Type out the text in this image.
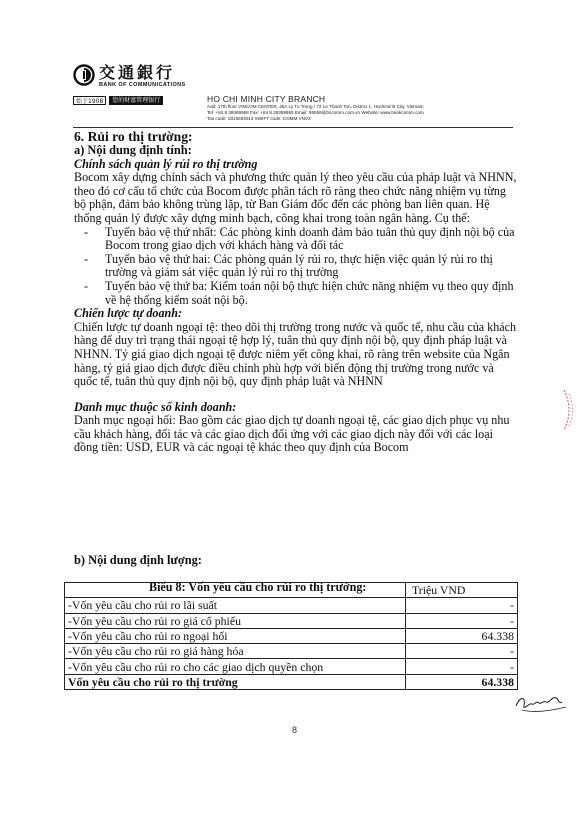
交通銀行
BANK OF COMMUNICATIONS
始于1908	您的财富管理银行	HO CHI MINH CITY BRANCH
Add: 17th floor VINCOM CENTER, 45A Ly Tu Trong / 72 Le Thanh Ton, District 1, Hochiminh City, Vietnam
Tel: +84 8 39369988 Fax: +84 8 39369955 Email: 95559@bocomm.com.vn Website: www.bankcomm.com
Tax code: 0310504014 SWIFT code: COMM VNVX

6. Rủi ro thị trường:

a) Nội dung định tính:

Chính sách quản lý rủi ro thị trường

Bocom xây dựng chính sách và phương thức quản lý theo yêu cầu của pháp luật và NHNN, theo đó cơ cấu tổ chức của Bocom được phân tách rõ ràng theo chức năng nhiệm vụ từng bộ phận, đảm bảo không trùng lặp, từ Ban Giám đốc đến các phòng ban liên quan. Hệ thống quản lý được xây dựng minh bạch, công khai trong toàn ngân hàng. Cụ thể:

- Tuyến bảo vệ thứ nhất: Các phòng kinh doanh đảm bảo tuân thủ quy định nội bộ của Bocom trong giao dịch với khách hàng và đối tác
- Tuyến bảo vệ thứ hai: Các phòng quản lý rủi ro, thực hiện việc quản lý rủi ro thị trường và giám sát việc quản lý rủi ro thị trường
- Tuyến bảo vệ thứ ba: Kiểm toán nội bộ thực hiện chức năng nhiệm vụ theo quy định về hệ thống kiểm soát nội bộ.

Chiến lược tự doanh:

Chiến lược tự doanh ngoại tệ: theo dõi thị trường trong nước và quốc tế, nhu cầu của khách hàng để duy trì trạng thái ngoại tệ hợp lý, tuân thủ quy định nội bộ, quy định pháp luật và NHNN. Tỷ giá giao dịch ngoại tệ được niêm yết công khai, rõ ràng trên website của Ngân hàng, tỷ giá giao dịch được điều chỉnh phù hợp với biến động thị trường trong nước và quốc tế, tuân thủ quy định nội bộ, quy định pháp luật và NHNN

Danh mục thuộc sổ kinh doanh:

Danh mục ngoại hối: Bao gồm các giao dịch tự doanh ngoại tệ, các giao dịch phục vụ nhu cầu khách hàng, đối tác và các giao dịch đối ứng với các giao dịch này đối với các loại đồng tiền: USD, EUR và các ngoại tệ khác theo quy định của Bocom

b) Nội dung định lượng:

Biểu 8: Vốn yêu cầu cho rủi ro thị trường:

		Triệu VND
-Vốn yêu cầu cho rủi ro lãi suất	-
-Vốn yêu cầu cho rủi ro giá cổ phiếu	-
-Vốn yêu cầu cho rủi ro ngoại hối	64.338
-Vốn yêu cầu cho rủi ro giá hàng hóa	-
-Vốn yêu cầu cho rủi ro cho các giao dịch quyền chọn	-
Vốn yêu cầu cho rủi ro thị trường	64.338
8
